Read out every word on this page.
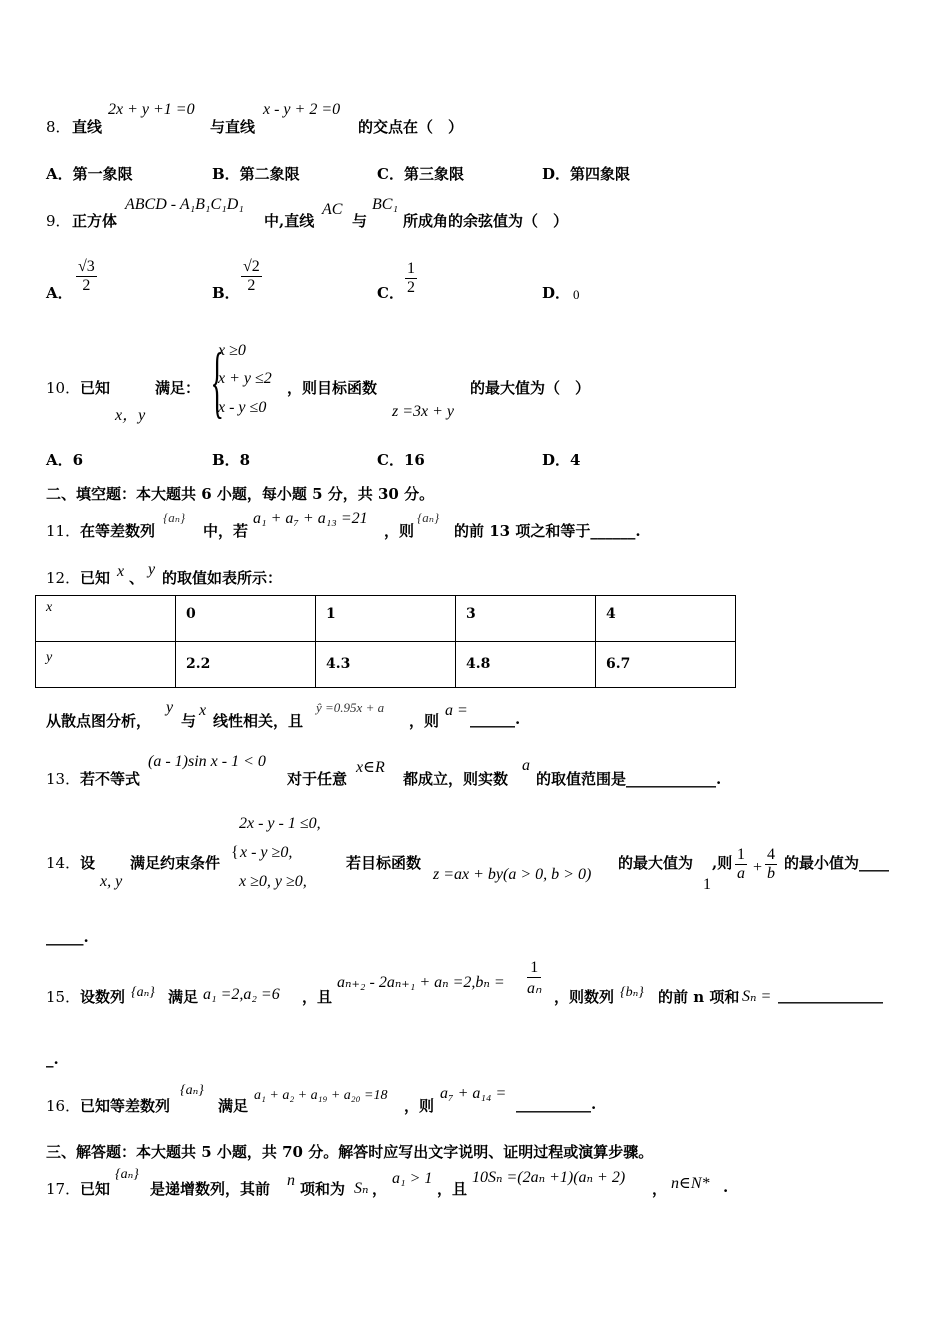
8． 直线
2x + y +1 =0
与直线
x - y + 2 =0
的交点在（　）
A．第一象限	B．第二象限	C．第三象限	D．第四象限
9． 正方体
ABCD - A₁B₁C₁D₁
中,直线
AC
与
BC₁
所成角的余弦值为（　）
A． $\frac{√3}{2}$	B． $\frac{√2}{2}$	C． $\frac{1}{2}$	D． 0
10． 已知
x，y
满足： {
x ≥0
x + y ≤2
x - y ≤0
，则目标函数
z =3x + y
的最大值为（　）
A．6	B．8	C．16	D．4
二、填空题：本大题共 6 小题，每小题 5 分，共 30 分。
11． 在等差数列
{aₙ}
中，若
a₁ + a₇ + a₁₃ =21
，则
{aₙ}
的前 13 项之和等于______.
12． 已知 x 、 y 的取值如表所示：
x	0	1	3	4
y	2.2	4.3	4.8	6.7
从散点图分析，
y
与
x
线性相关，且
ŷ =0.95x + a
，则
a = ______.
13． 若不等式
(a - 1)sin x - 1 < 0
对于任意
x∈R
都成立，则实数
a
的取值范围是____________.
2x - y - 1 ≤0,
14． 设
x, y
满足约束条件
{ x - y ≥0,
x ≥0, y ≥0,
若目标函数
z =ax + by(a > 0, b > 0)
的最大值为
1
,则 $\frac{1}{a} + \frac{4}{b}$ 的最小值为____
_____.
15． 设数列 {aₙ} 满足 a₁ =2,a₂ =6 ，且
$a_{n+2} - 2a_{n+1} + a_n =2,b_n = \frac{1}{\text{aₙ}}$ ，则数列 {bₙ} 的前 n 项和 Sₙ = ______________
_.
16． 已知等差数列
{aₙ}
满足
a₁ + a₂ + a₁₉ + a₂₀ =18
，则
a₇ + a₁₄ =
__________.
三、解答题：本大题共 5 小题，共 70 分。解答时应写出文字说明、证明过程或演算步骤。
17． 已知
{aₙ}
是递增数列，其前 n 项和为 Sₙ ，
a₁ > 1
，且
10Sₙ =(2aₙ +1)(aₙ + 2)
， n∈N* .
